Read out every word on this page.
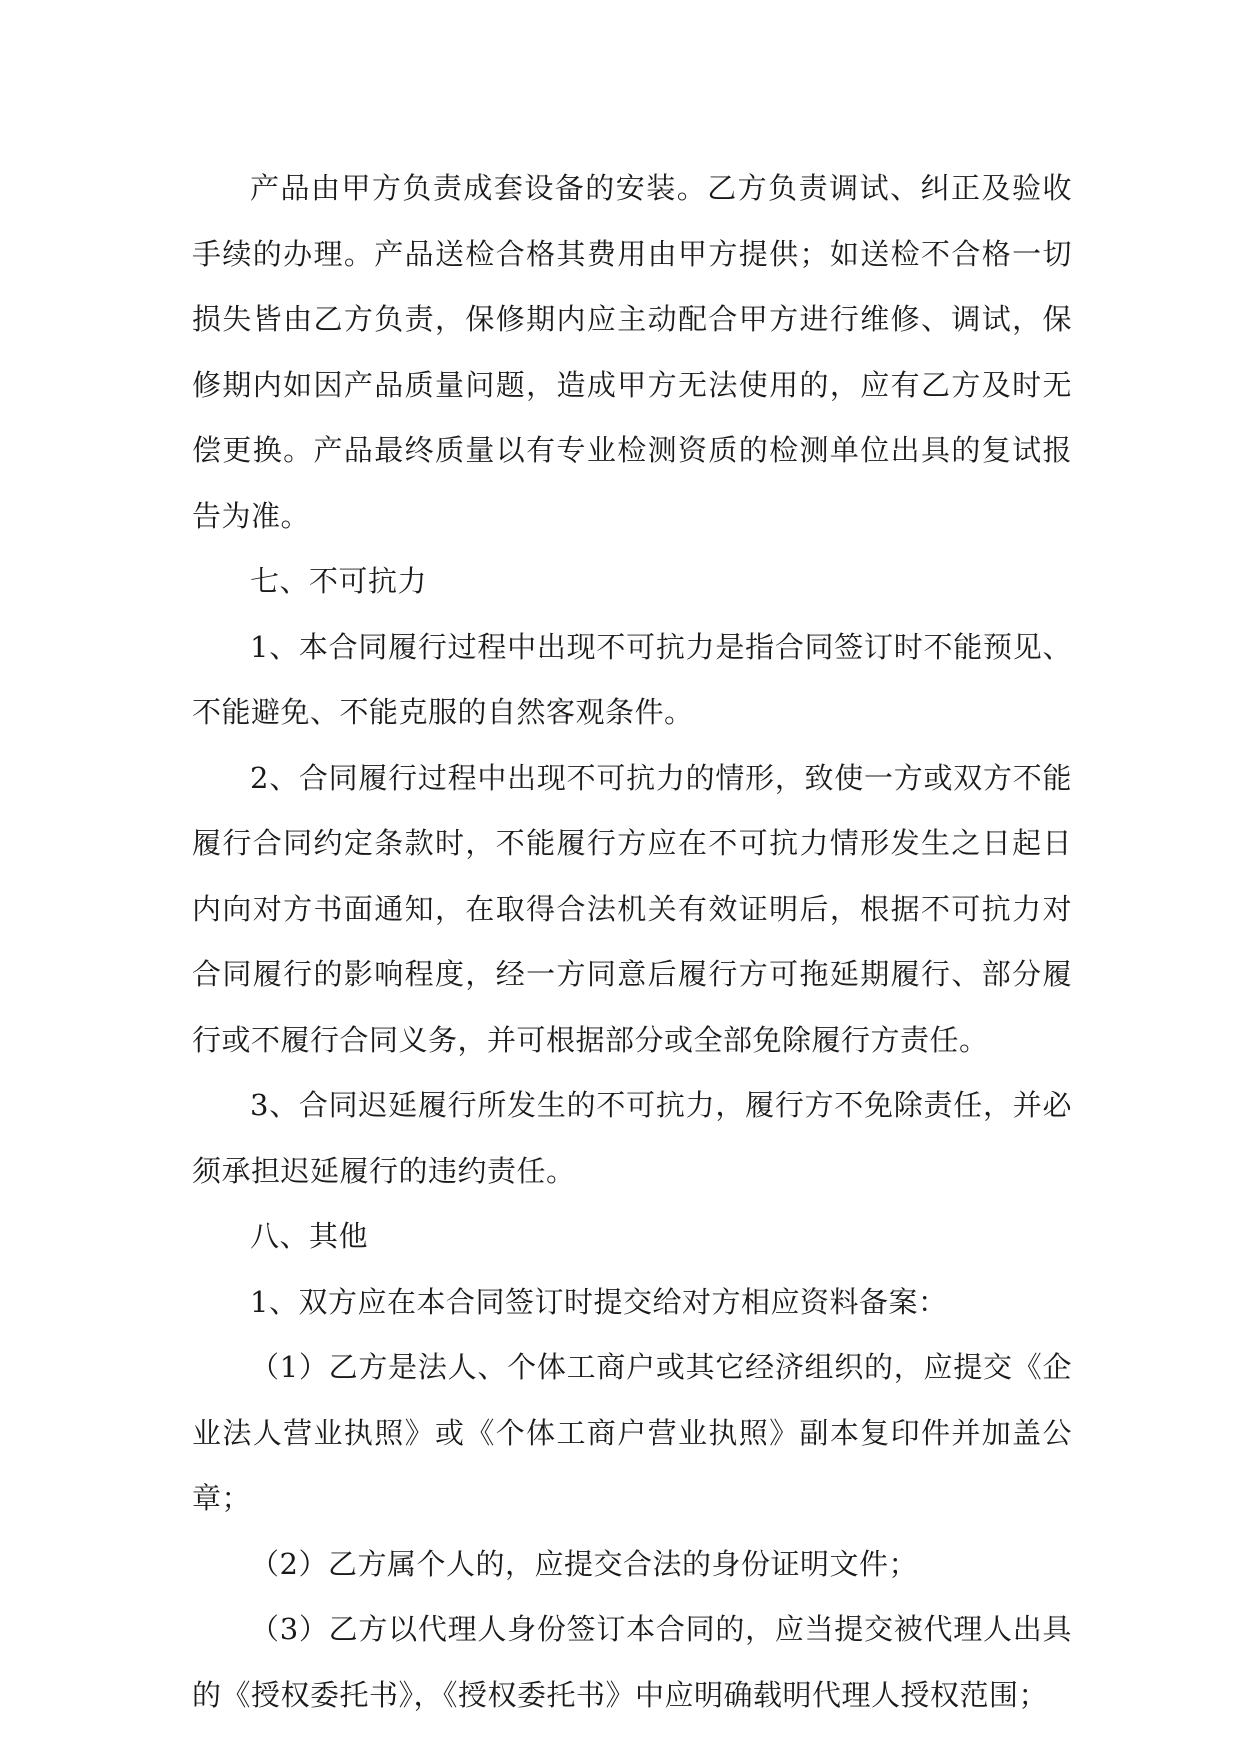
产品由甲方负责成套设备的安装。乙方负责调试、纠正及验收手续的办理。产品送检合格其费用由甲方提供；如送检不合格一切损失皆由乙方负责，保修期内应主动配合甲方进行维修、调试，保修期内如因产品质量问题，造成甲方无法使用的，应有乙方及时无偿更换。产品最终质量以有专业检测资质的检测单位出具的复试报告为准。

七、不可抗力

1、本合同履行过程中出现不可抗力是指合同签订时不能预见、不能避免、不能克服的自然客观条件。

2、合同履行过程中出现不可抗力的情形，致使一方或双方不能履行合同约定条款时，不能履行方应在不可抗力情形发生之日起日内向对方书面通知，在取得合法机关有效证明后，根据不可抗力对合同履行的影响程度，经一方同意后履行方可拖延期履行、部分履行或不履行合同义务，并可根据部分或全部免除履行方责任。

3、合同迟延履行所发生的不可抗力，履行方不免除责任，并必须承担迟延履行的违约责任。

八、其他

1、双方应在本合同签订时提交给对方相应资料备案：

（1）乙方是法人、个体工商户或其它经济组织的，应提交《企业法人营业执照》或《个体工商户营业执照》副本复印件并加盖公章；

（2）乙方属个人的，应提交合法的身份证明文件；

（3）乙方以代理人身份签订本合同的，应当提交被代理人出具的《授权委托书》，《授权委托书》中应明确载明代理人授权范围；
